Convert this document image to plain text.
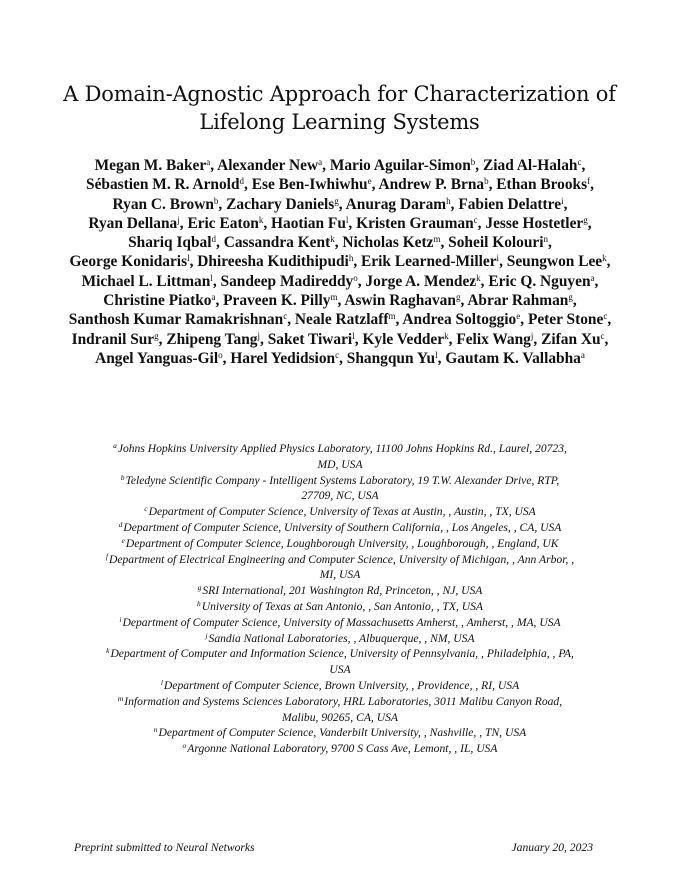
A Domain-Agnostic Approach for Characterization of
Lifelong Learning Systems
Megan M. Baker$^a$, Alexander New$^a$, Mario Aguilar-Simon$^b$, Ziad Al-Halah$^c$, Sébastien M. R. Arnold$^d$, Ese Ben-Iwhiwhu$^e$, Andrew P. Brna$^b$, Ethan Brooks$^f$, Ryan C. Brown$^b$, Zachary Daniels$^g$, Anurag Daram$^h$, Fabien Delattre$^i$, Ryan Dellana$^j$, Eric Eaton$^k$, Haotian Fu$^l$, Kristen Grauman$^c$, Jesse Hostetler$^g$, Shariq Iqbal$^d$, Cassandra Kent$^k$, Nicholas Ketz$^m$, Soheil Kolouri$^n$, George Konidaris$^l$, Dhireesha Kudithipudi$^h$, Erik Learned-Miller$^i$, Seungwon Lee$^k$, Michael L. Littman$^l$, Sandeep Madireddy$^o$, Jorge A. Mendez$^k$, Eric Q. Nguyen$^a$, Christine Piatko$^a$, Praveen K. Pilly$^m$, Aswin Raghavan$^g$, Abrar Rahman$^g$, Santhosh Kumar Ramakrishnan$^c$, Neale Ratzlaff$^m$, Andrea Soltoggio$^e$, Peter Stone$^c$, Indranil Sur$^g$, Zhipeng Tang$^j$, Saket Tiwari$^l$, Kyle Vedder$^k$, Felix Wang$^j$, Zifan Xu$^c$, Angel Yanguas-Gil$^o$, Harel Yedidsion$^c$, Shangqun Yu$^l$, Gautam K. Vallabha$^a$
$^a$Johns Hopkins University Applied Physics Laboratory, 11100 Johns Hopkins Rd., Laurel, 20723, MD, USA
$^b$Teledyne Scientific Company - Intelligent Systems Laboratory, 19 T.W. Alexander Drive, RTP, 27709, NC, USA
$^c$Department of Computer Science, University of Texas at Austin, , Austin, , TX, USA
$^d$Department of Computer Science, University of Southern California, , Los Angeles, , CA, USA
$^e$Department of Computer Science, Loughborough University, , Loughborough, , England, UK
$^f$Department of Electrical Engineering and Computer Science, University of Michigan, , Ann Arbor, , MI, USA
$^g$SRI International, 201 Washington Rd, Princeton, , NJ, USA
$^h$University of Texas at San Antonio, , San Antonio, , TX, USA
$^i$Department of Computer Science, University of Massachusetts Amherst, , Amherst, , MA, USA
$^j$Sandia National Laboratories, , Albuquerque, , NM, USA
$^k$Department of Computer and Information Science, University of Pennsylvania, , Philadelphia, , PA, USA
$^l$Department of Computer Science, Brown University, , Providence, , RI, USA
$^m$Information and Systems Sciences Laboratory, HRL Laboratories, 3011 Malibu Canyon Road, Malibu, 90265, CA, USA
$^n$Department of Computer Science, Vanderbilt University, , Nashville, , TN, USA
$^o$Argonne National Laboratory, 9700 S Cass Ave, Lemont, , IL, USA
Preprint submitted to Neural Networks	January 20, 2023
